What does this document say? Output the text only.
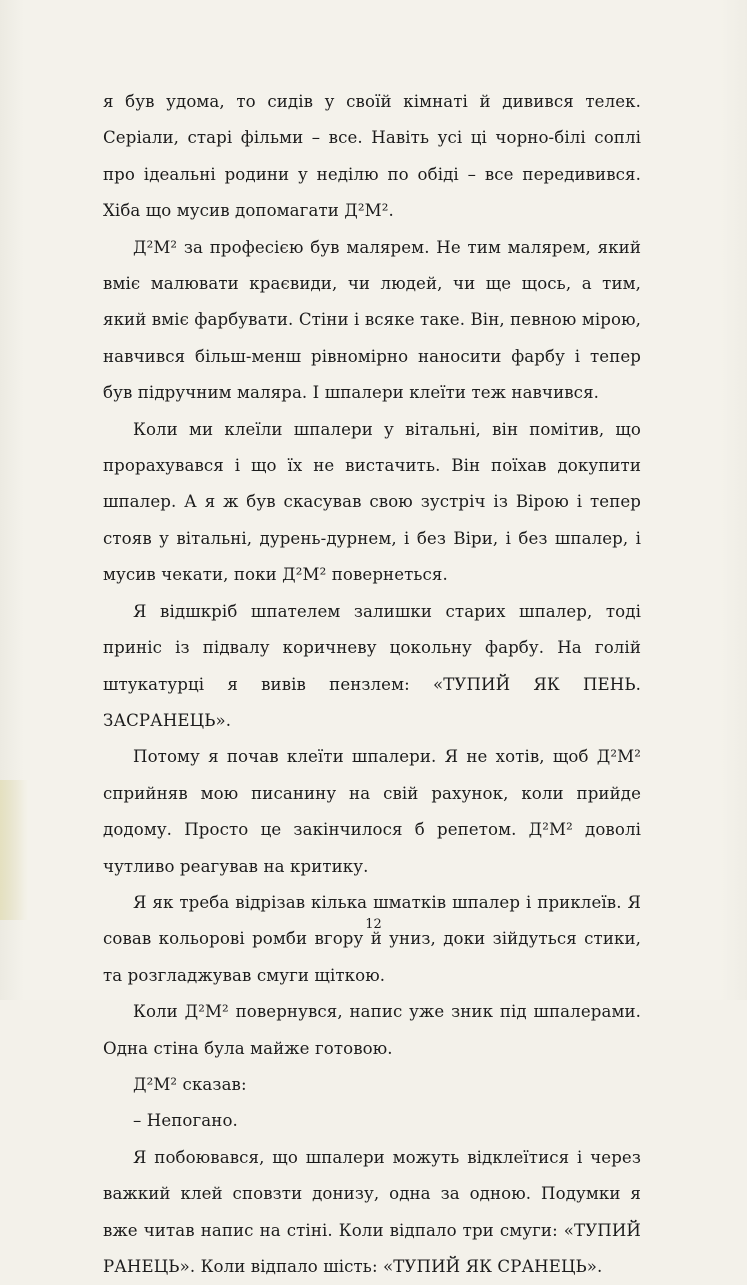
я був удома, то сидів у своїй кімнаті й дивився телек. Серіали, старі фільми – все. Навіть усі ці чорно-білі соплі про ідеальні родини у неділю по обіді – все передивився. Хіба що мусив допомагати Д²М².

Д²М² за професією був малярем. Не тим малярем, який вміє малювати краєвиди, чи людей, чи ще щось, а тим, який вміє фарбувати. Стіни і всяке таке. Він, певною мірою, навчився більш-менш рівномірно наносити фарбу і тепер був підручним маляра. І шпалери клеїти теж навчився.

Коли ми клеїли шпалери у вітальні, він помітив, що прорахувався і що їх не вистачить. Він поїхав докупити шпалер. А я ж був скасував свою зустріч із Вірою і тепер стояв у вітальні, дурень-дурнем, і без Віри, і без шпалер, і мусив чекати, поки Д²М² повернеться.

Я відшкріб шпателем залишки старих шпалер, тоді приніс із підвалу коричневу цокольну фарбу. На голій штукатурці я вивів пензлем: «ТУПИЙ ЯК ПЕНЬ. ЗАСРАНЕЦЬ».

Потому я почав клеїти шпалери. Я не хотів, щоб Д²М² сприйняв мою писанину на свій рахунок, коли прийде додому. Просто це закінчилося б репетом. Д²М² доволі чутливо реагував на критику.

Я як треба відрізав кілька шматків шпалер і приклеїв. Я совав кольорові ромби вгору й униз, доки зійдуться стики, та розгладжував смуги щіткою.

Коли Д²М² повернувся, напис уже зник під шпалерами. Одна стіна була майже готовою.

Д²М² сказав:

– Непогано.

Я побоювався, що шпалери можуть відклеїтися і через важкий клей сповзти донизу, одна за одною. Подумки я вже читав напис на стіні. Коли відпало три смуги: «ТУПИЙ РАНЕЦЬ». Коли відпало шість: «ТУПИЙ ЯК СРАНЕЦЬ».

12
